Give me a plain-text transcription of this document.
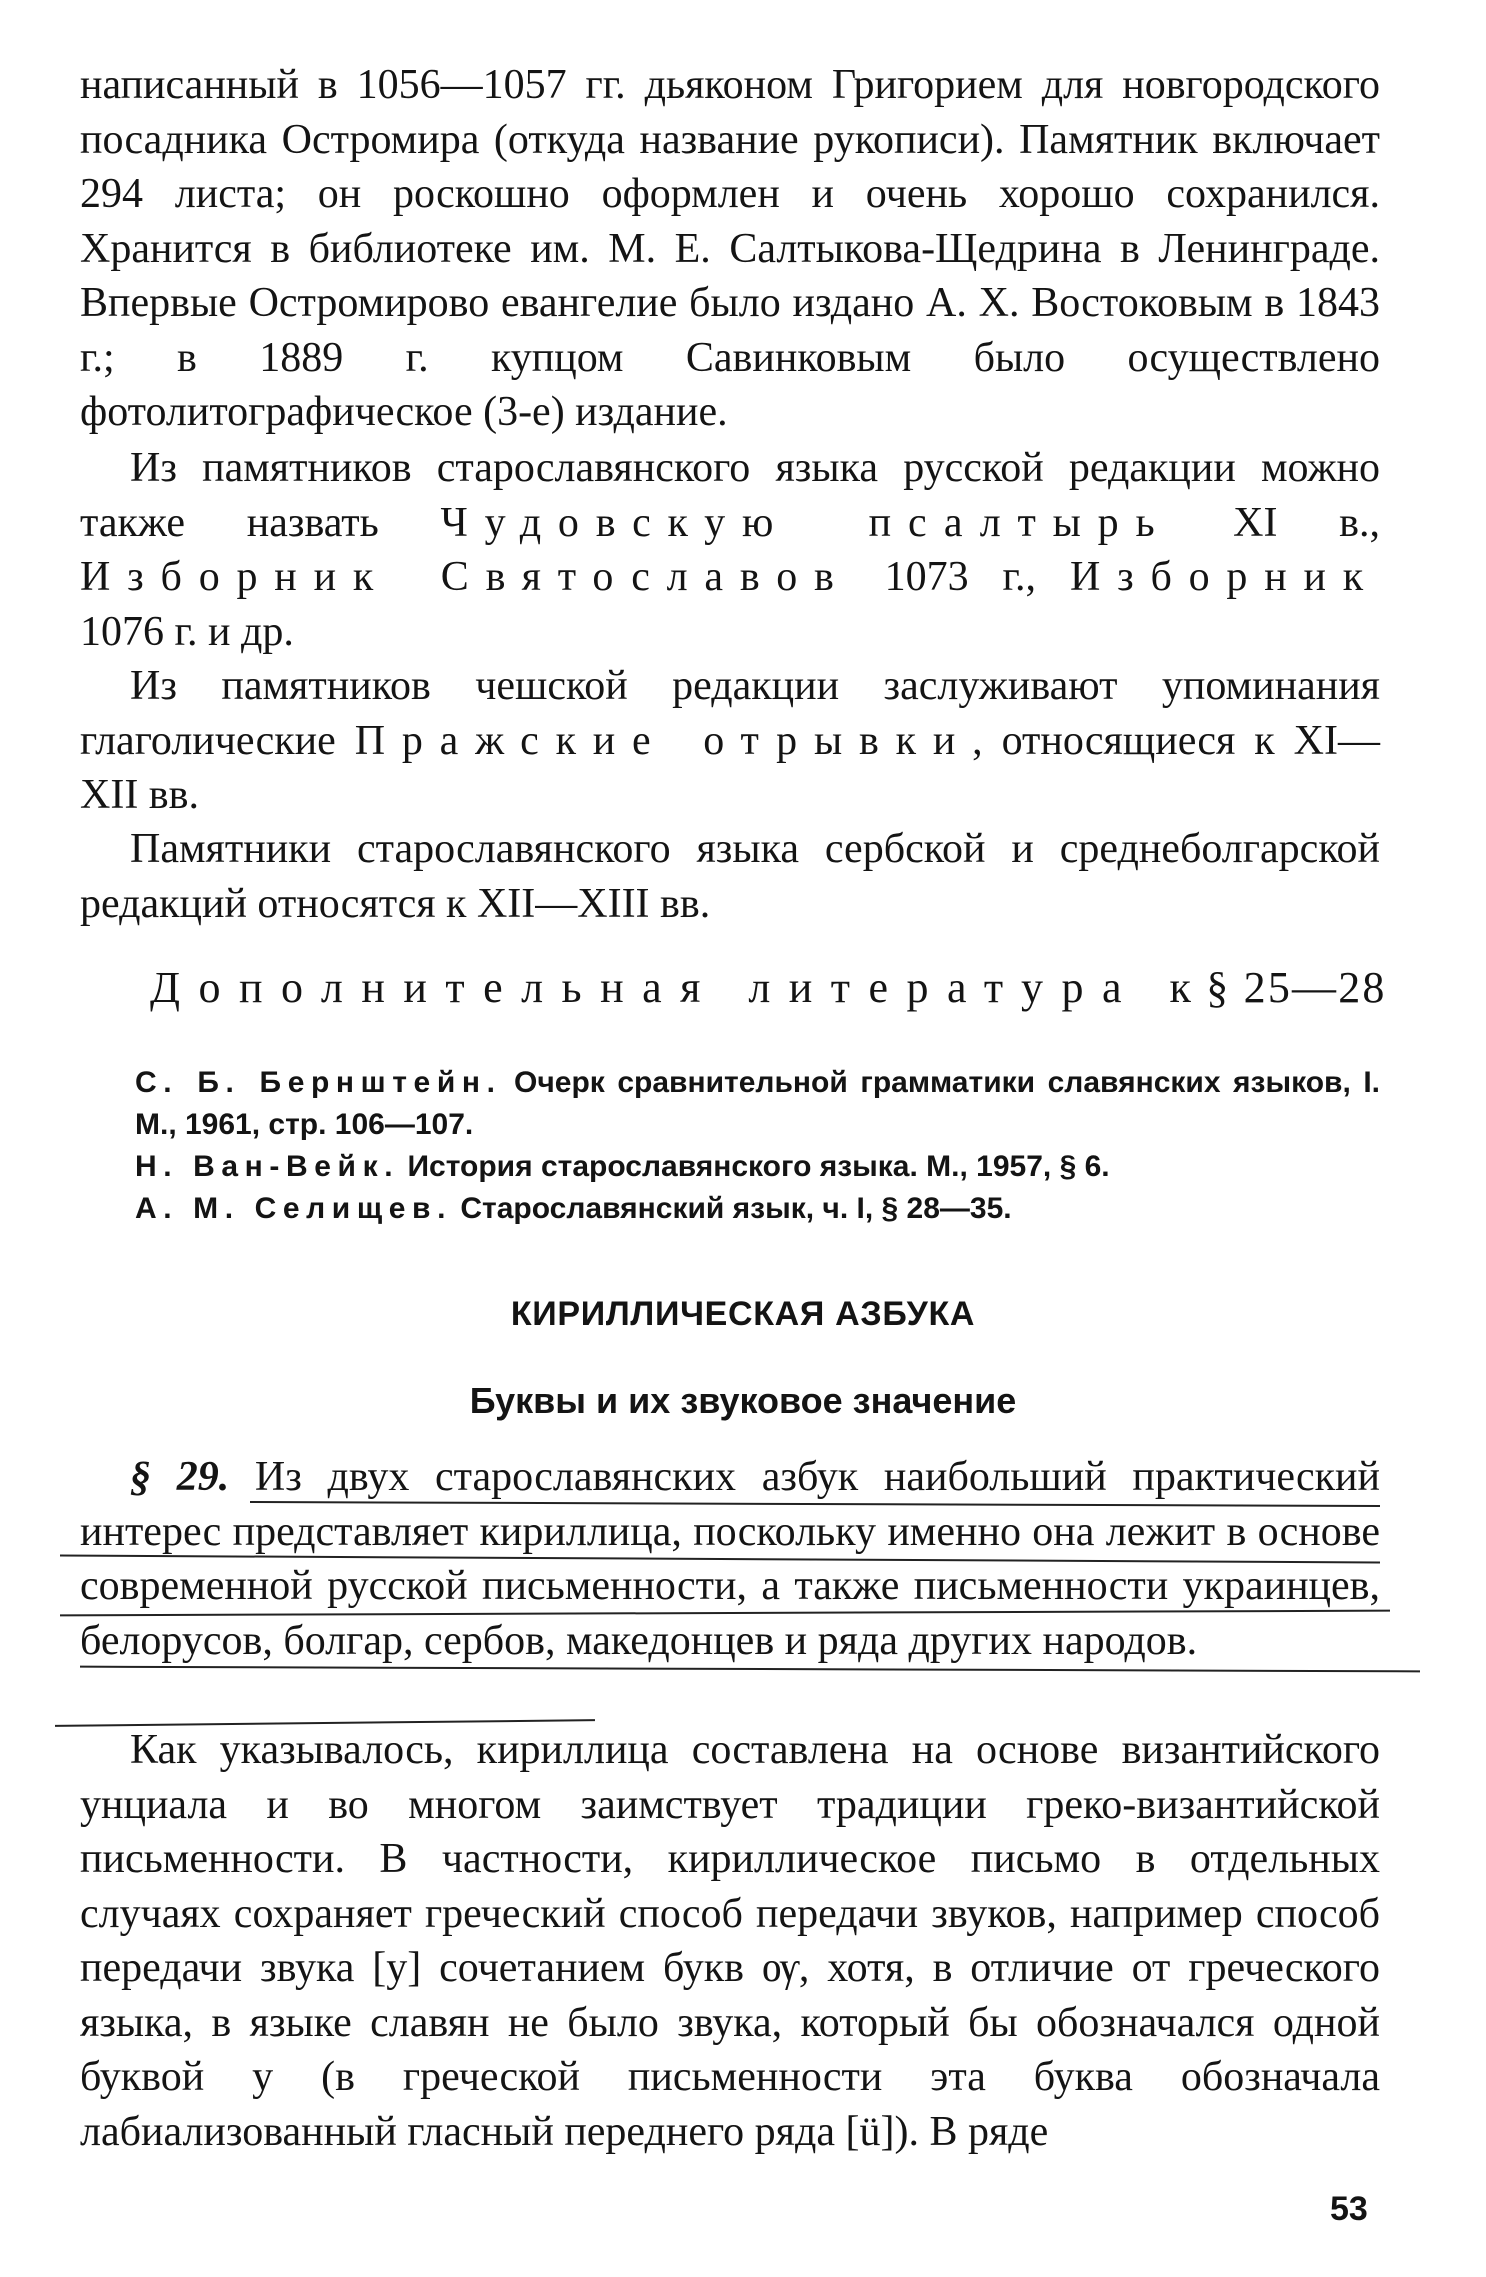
написанный в 1056—1057 гг. дьяконом Григорием для новгородского посадника Остромира (откуда название рукописи). Памятник включает 294 листа; он роскошно оформлен и очень хорошо сохранился. Хранится в библиотеке им. М. Е. Салтыкова-Щедрина в Ленинграде. Впервые Остромирово евангелие было издано А. Х. Востоковым в 1843 г.; в 1889 г. купцом Савинковым было осуществлено фотолитографическое (3-е) издание.

Из памятников старославянского языка русской редакции можно также назвать Чудовскую псалтырь XI в., Изборник Святославов 1073 г., Изборник 1076 г. и др.

Из памятников чешской редакции заслуживают упоминания глаголические Пражские отрывки, относящиеся к XI—XII вв.

Памятники старославянского языка сербской и среднеболгарской редакций относятся к XII—XIII вв.

Дополнительная литература к § 25—28

С. Б. Бернштейн. Очерк сравнительной грамматики славянских языков, I. М., 1961, стр. 106—107.

Н. Ван-Вейк. История старославянского языка. М., 1957, § 6.

А. М. Селищев. Старославянский язык, ч. I, § 28—35.

КИРИЛЛИЧЕСКАЯ АЗБУКА
Буквы и их звуковое значение

§ 29. Из двух старославянских азбук наибольший практический интерес представляет кириллица, поскольку именно она лежит в основе современной русской письменности, а также письменности украинцев, белорусов, болгар, сербов, македонцев и ряда других народов.

Как указывалось, кириллица составлена на основе византийского унциала и во многом заимствует традиции греко-византийской письменности. В частности, кириллическое письмо в отдельных случаях сохраняет греческий способ передачи звуков, например способ передачи звука [у] сочетанием букв ѹ, хотя, в отличие от греческого языка, в языке славян не было звука, который бы обозначался одной буквой у (в греческой письменности эта буква обозначала лабиализованный гласный переднего ряда [ü]). В ряде

53
